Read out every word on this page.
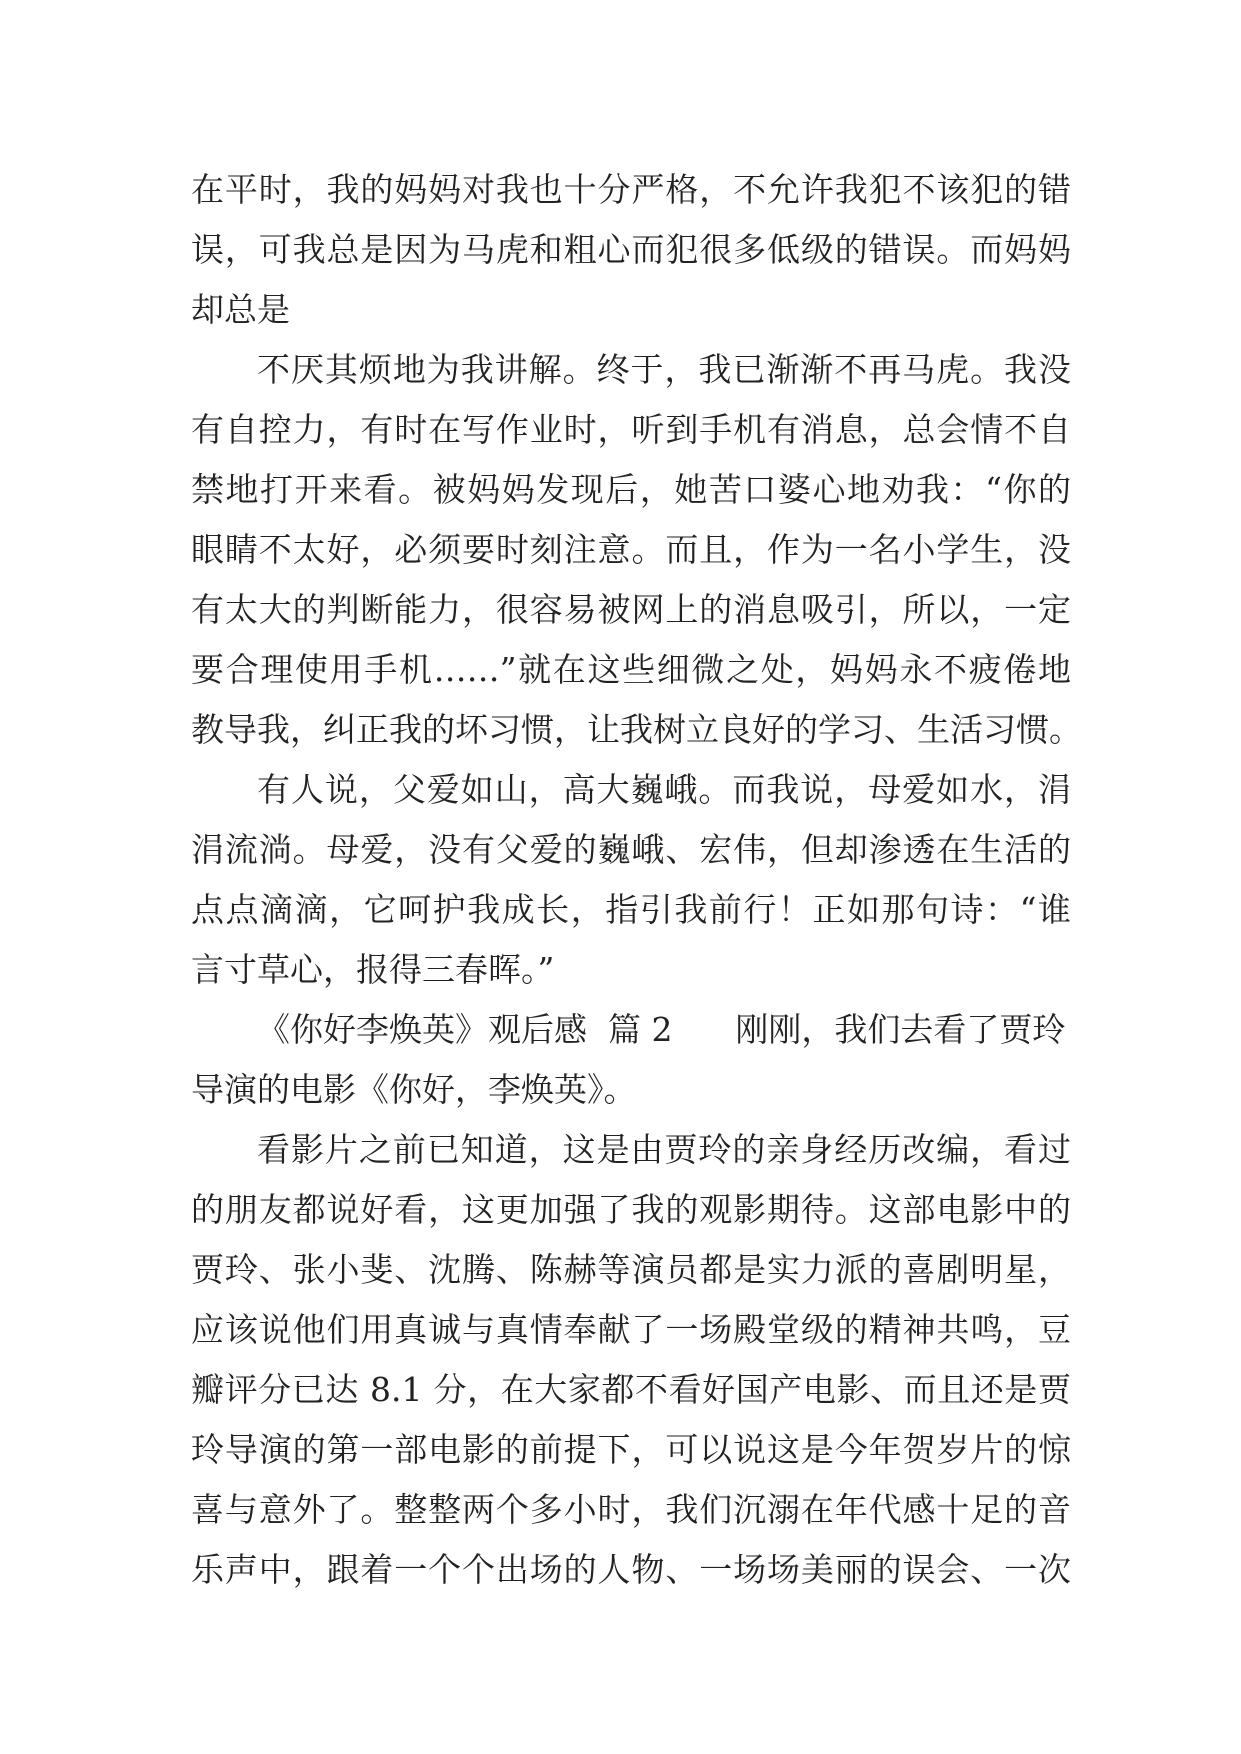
在平时，我的妈妈对我也十分严格，不允许我犯不该犯的错
误，可我总是因为马虎和粗心而犯很多低级的错误。而妈妈
却总是
不厌其烦地为我讲解。终于，我已渐渐不再马虎。我没
有自控力，有时在写作业时，听到手机有消息，总会情不自
禁地打开来看。被妈妈发现后，她苦口婆心地劝我：“你的
眼睛不太好，必须要时刻注意。而且，作为一名小学生，没
有太大的判断能力，很容易被网上的消息吸引，所以，一定
要合理使用手机……”就在这些细微之处，妈妈永不疲倦地
教导我，纠正我的坏习惯，让我树立良好的学习、生活习惯。
有人说，父爱如山，高大巍峨。而我说，母爱如水，涓
涓流淌。母爱，没有父爱的巍峨、宏伟，但却渗透在生活的
点点滴滴，它呵护我成长，指引我前行！正如那句诗：“谁
言寸草心，报得三春晖。”
《你好李焕英》观后感  篇 2      刚刚，我们去看了贾玲
导演的电影《你好，李焕英》。
看影片之前已知道，这是由贾玲的亲身经历改编，看过
的朋友都说好看，这更加强了我的观影期待。这部电影中的
贾玲、张小斐、沈腾、陈赫等演员都是实力派的喜剧明星，
应该说他们用真诚与真情奉献了一场殿堂级的精神共鸣，豆
瓣评分已达 8.1 分，在大家都不看好国产电影、而且还是贾
玲导演的第一部电影的前提下，可以说这是今年贺岁片的惊
喜与意外了。整整两个多小时，我们沉溺在年代感十足的音
乐声中，跟着一个个出场的人物、一场场美丽的误会、一次
